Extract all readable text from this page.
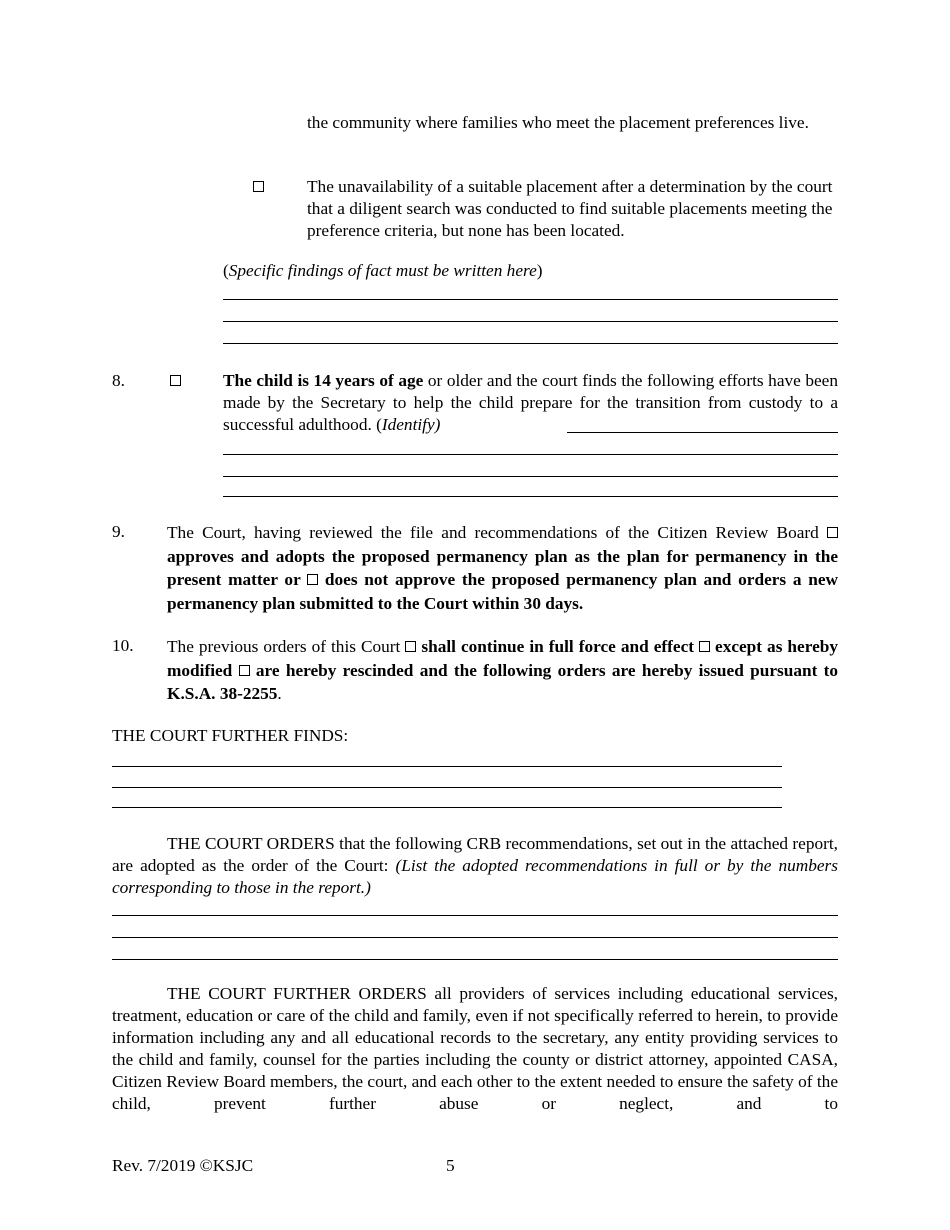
the community where families who meet the placement preferences live.
The unavailability of a suitable placement after a determination by the court that a diligent search was conducted to find suitable placements meeting the preference criteria, but none has been located.
(Specific findings of fact must be written here)
8.	The child is 14 years of age or older and the court finds the following efforts have been made by the Secretary to help the child prepare for the transition from custody to a successful adulthood. (Identify)
9. The Court, having reviewed the file and recommendations of the Citizen Review Board  approves and adopts the proposed permanency plan as the plan for permanency in the present matter or  does not approve the proposed permanency plan and orders a new permanency plan submitted to the Court within 30 days.
10. The previous orders of this Court  shall continue in full force and effect except as hereby modified are hereby rescinded and the following orders are hereby issued pursuant to K.S.A. 38-2255.
THE COURT FURTHER FINDS:
THE COURT ORDERS that the following CRB recommendations, set out in the attached report, are adopted as the order of the Court: (List the adopted recommendations in full or by the numbers corresponding to those in the report.)
THE COURT FURTHER ORDERS all providers of services including educational services, treatment, education or care of the child and family, even if not specifically referred to herein, to provide information including any and all educational records to the secretary, any entity providing services to the child and family, counsel for the parties including the county or district attorney, appointed CASA, Citizen Review Board members, the court, and each other to the extent needed to ensure the safety of the child, prevent further abuse or neglect, and to
Rev. 7/2019 ©KSJC	5
